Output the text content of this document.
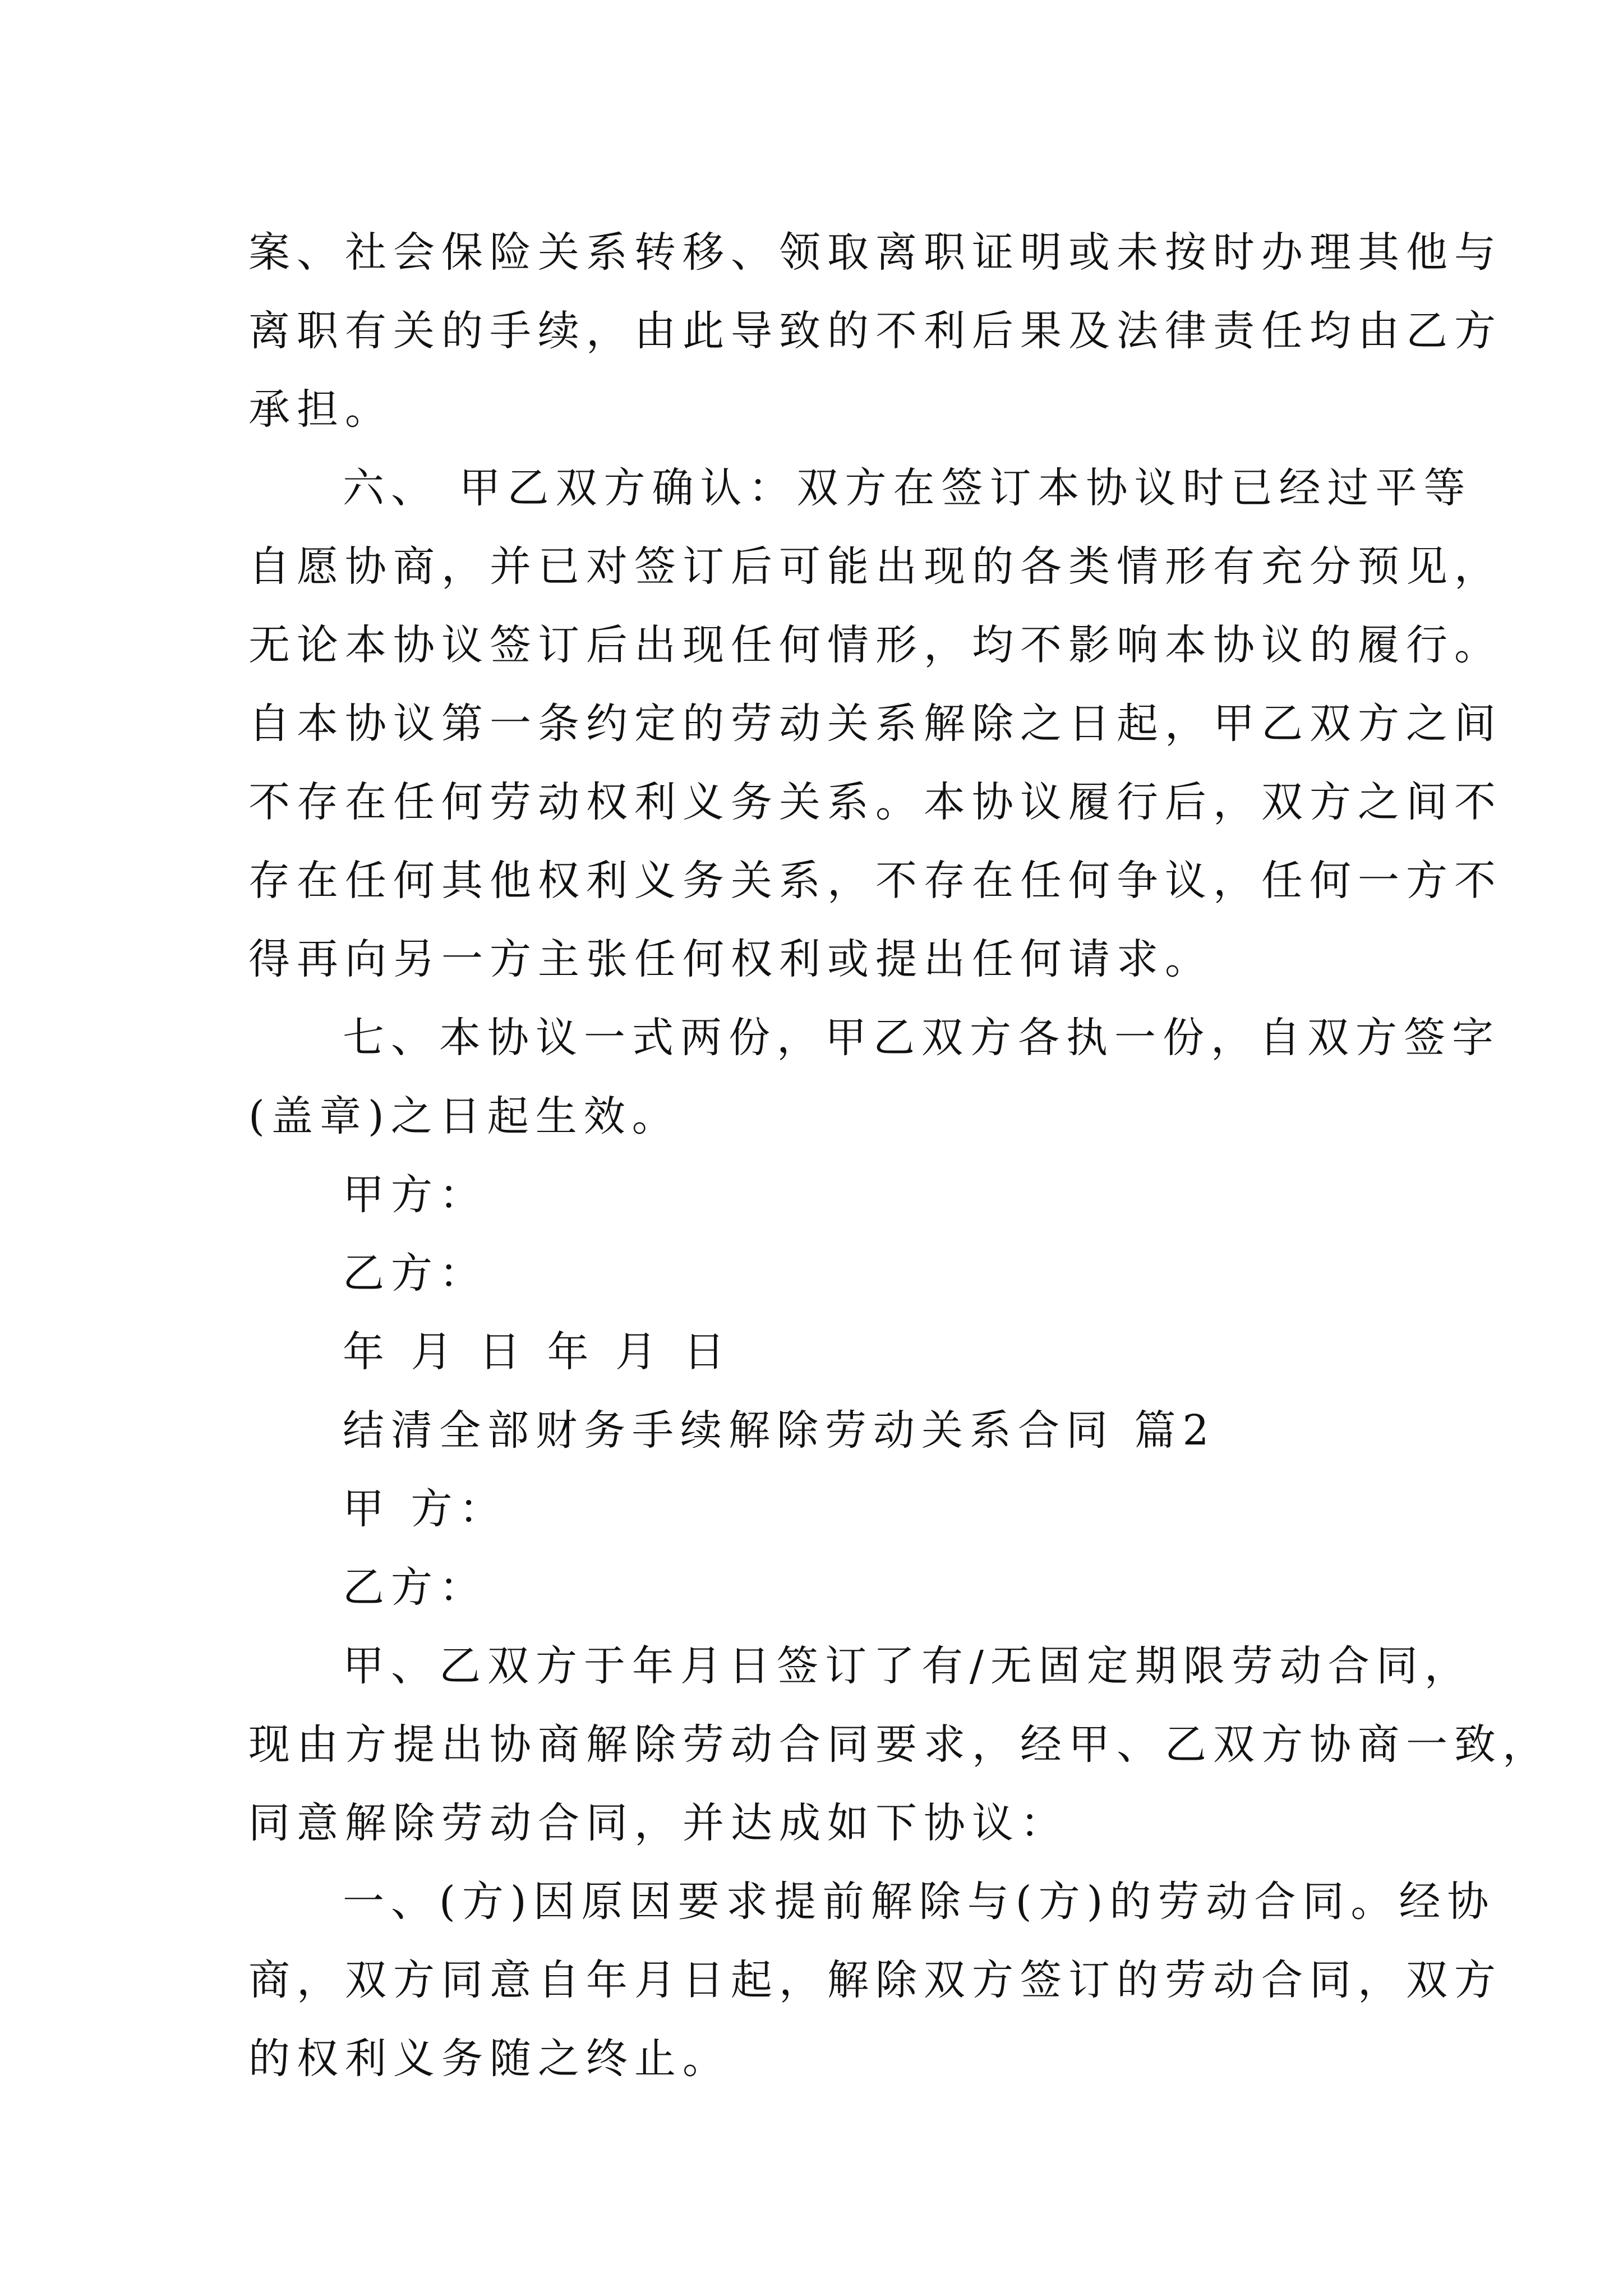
案、社会保险关系转移、领取离职证明或未按时办理其他与
离职有关的手续，由此导致的不利后果及法律责任均由乙方
承担。
六、 甲乙双方确认：双方在签订本协议时已经过平等
自愿协商，并已对签订后可能出现的各类情形有充分预见，
无论本协议签订后出现任何情形，均不影响本协议的履行。
自本协议第一条约定的劳动关系解除之日起，甲乙双方之间
不存在任何劳动权利义务关系。本协议履行后，双方之间不
存在任何其他权利义务关系，不存在任何争议，任何一方不
得再向另一方主张任何权利或提出任何请求。
七、本协议一式两份，甲乙双方各执一份，自双方签字
(盖章)之日起生效。
甲方：
乙方：
年 月 日 年 月 日
结清全部财务手续解除劳动关系合同 篇2
甲 方：
乙方：
甲、乙双方于年月日签订了有/无固定期限劳动合同，
现由方提出协商解除劳动合同要求，经甲、乙双方协商一致，
同意解除劳动合同，并达成如下协议：
一、(方)因原因要求提前解除与(方)的劳动合同。经协
商，双方同意自年月日起，解除双方签订的劳动合同，双方
的权利义务随之终止。
